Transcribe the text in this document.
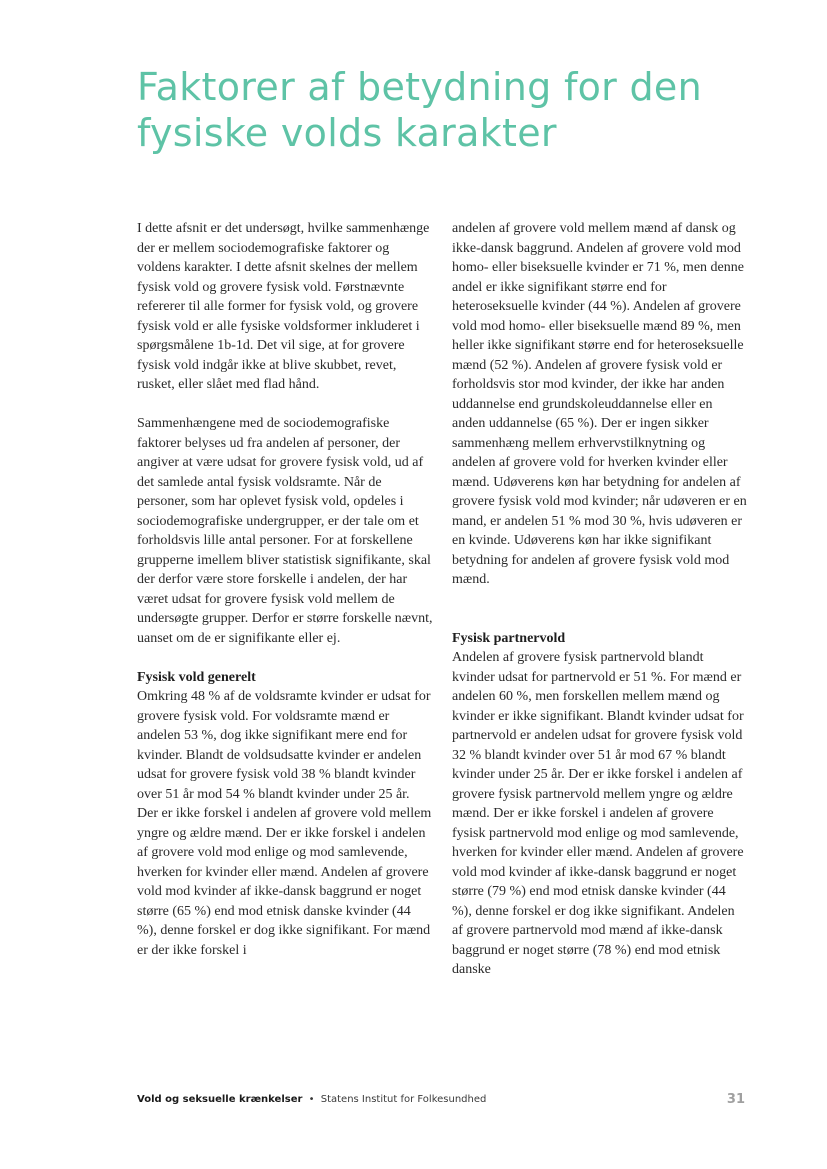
Faktorer af betydning for den fysiske volds karakter

I dette afsnit er det undersøgt, hvilke sammenhænge der er mellem sociodemografiske faktorer og voldens karakter. I dette afsnit skelnes der mellem fysisk vold og grovere fysisk vold. Førstnævnte refererer til alle former for fysisk vold, og grovere fysisk vold er alle fysiske voldsformer inkluderet i spørgsmålene 1b-1d. Det vil sige, at for grovere fysisk vold indgår ikke at blive skubbet, revet, rusket, eller slået med flad hånd.

Sammenhængene med de sociodemografiske faktorer belyses ud fra andelen af personer, der angiver at være udsat for grovere fysisk vold, ud af det samlede antal fysisk voldsramte. Når de personer, som har oplevet fysisk vold, opdeles i sociodemografiske undergrupper, er der tale om et forholdsvis lille antal personer. For at forskellene grupperne imellem bliver statistisk signifikante, skal der derfor være store forskelle i andelen, der har været udsat for grovere fysisk vold mellem de undersøgte grupper. Derfor er større forskelle nævnt, uanset om de er signifikante eller ej.

Fysisk vold generelt

Omkring 48 % af de voldsramte kvinder er udsat for grovere fysisk vold. For voldsramte mænd er andelen 53 %, dog ikke signifikant mere end for kvinder. Blandt de voldsudsatte kvinder er andelen udsat for grovere fysisk vold 38 % blandt kvinder over 51 år mod 54 % blandt kvinder under 25 år. Der er ikke forskel i andelen af grovere vold mellem yngre og ældre mænd. Der er ikke forskel i andelen af grovere vold mod enlige og mod samlevende, hverken for kvinder eller mænd. Andelen af grovere vold mod kvinder af ikke-dansk baggrund er noget større (65 %) end mod etnisk danske kvinder (44 %), denne forskel er dog ikke signifikant. For mænd er der ikke forskel i

andelen af grovere vold mellem mænd af dansk og ikke-dansk baggrund. Andelen af grovere vold mod homo- eller biseksuelle kvinder er 71 %, men denne andel er ikke signifikant større end for heteroseksuelle kvinder (44 %). Andelen af grovere vold mod homo- eller biseksuelle mænd 89 %, men heller ikke signifikant større end for heteroseksuelle mænd (52 %). Andelen af grovere fysisk vold er forholdsvis stor mod kvinder, der ikke har anden uddannelse end grundskoleuddannelse eller en anden uddannelse (65 %). Der er ingen sikker sammenhæng mellem erhvervstilknytning og andelen af grovere vold for hverken kvinder eller mænd. Udøverens køn har betydning for andelen af grovere fysisk vold mod kvinder; når udøveren er en mand, er andelen 51 % mod 30 %, hvis udøveren er en kvinde. Udøverens køn har ikke signifikant betydning for andelen af grovere fysisk vold mod mænd.

Fysisk partnervold

Andelen af grovere fysisk partnervold blandt kvinder udsat for partnervold er 51 %. For mænd er andelen 60 %, men forskellen mellem mænd og kvinder er ikke signifikant. Blandt kvinder udsat for partnervold er andelen udsat for grovere fysisk vold 32 % blandt kvinder over 51 år mod 67 % blandt kvinder under 25 år. Der er ikke forskel i andelen af grovere fysisk partnervold mellem yngre og ældre mænd. Der er ikke forskel i andelen af grovere fysisk partnervold mod enlige og mod samlevende, hverken for kvinder eller mænd. Andelen af grovere vold mod kvinder af ikke-dansk baggrund er noget større (79 %) end mod etnisk danske kvinder (44 %), denne forskel er dog ikke signifikant. Andelen af grovere partnervold mod mænd af ikke-dansk baggrund er noget større (78 %) end mod etnisk danske

Vold og seksuelle krænkelser • Statens Institut for Folkesundhed	31
